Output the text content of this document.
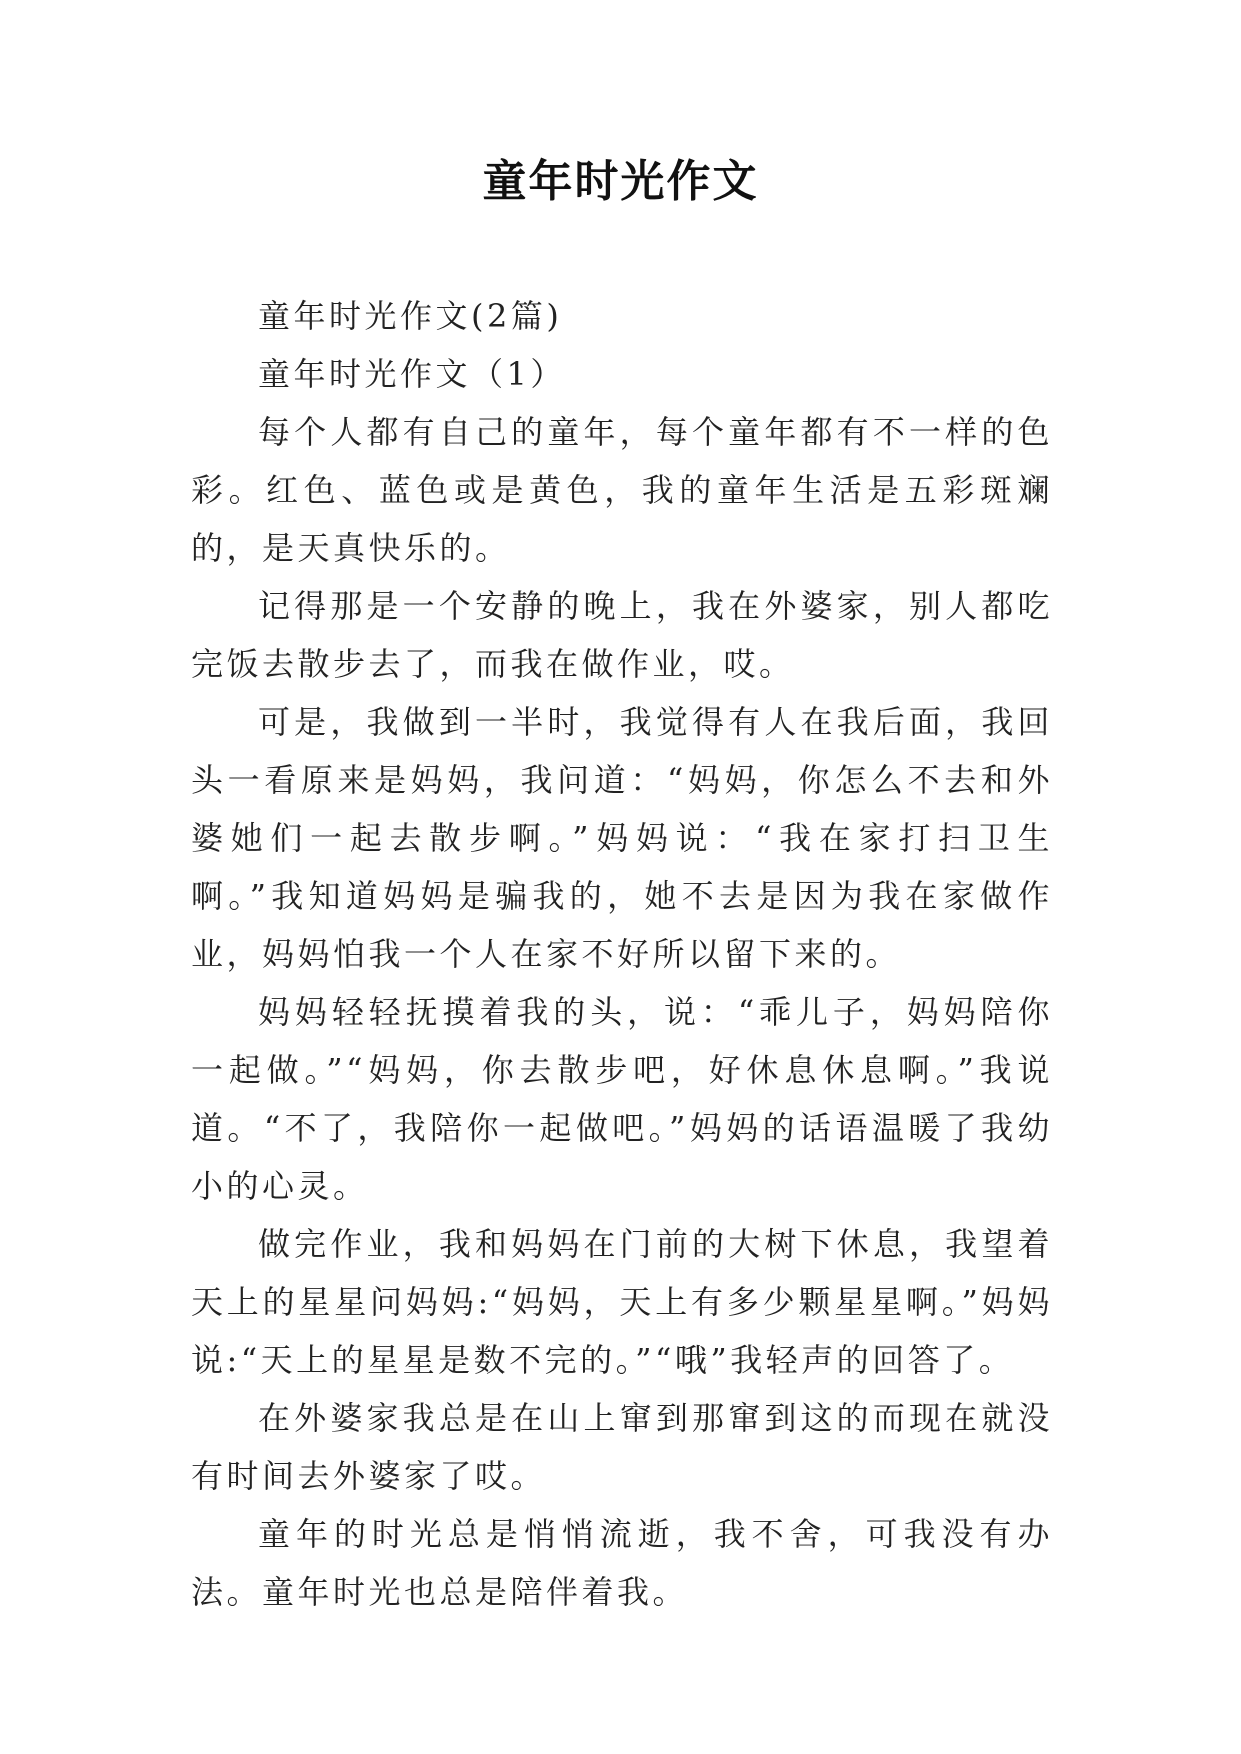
童年时光作文

童年时光作文(2篇)

童年时光作文（1）

每个人都有自己的童年，每个童年都有不一样的色彩。红色、蓝色或是黄色，我的童年生活是五彩斑斓的，是天真快乐的。

记得那是一个安静的晚上，我在外婆家，别人都吃完饭去散步去了，而我在做作业，哎。

可是，我做到一半时，我觉得有人在我后面，我回头一看原来是妈妈，我问道：“妈妈，你怎么不去和外婆她们一起去散步啊。”妈妈说：“我在家打扫卫生啊。”我知道妈妈是骗我的，她不去是因为我在家做作业，妈妈怕我一个人在家不好所以留下来的。

妈妈轻轻抚摸着我的头，说：“乖儿子，妈妈陪你一起做。”“妈妈，你去散步吧，好休息休息啊。”我说道。“不了，我陪你一起做吧。”妈妈的话语温暖了我幼小的心灵。

做完作业，我和妈妈在门前的大树下休息，我望着天上的星星问妈妈:“妈妈，天上有多少颗星星啊。”妈妈说:“天上的星星是数不完的。”“哦”我轻声的回答了。

在外婆家我总是在山上窜到那窜到这的而现在就没有时间去外婆家了哎。

童年的时光总是悄悄流逝，我不舍，可我没有办法。童年时光也总是陪伴着我。
